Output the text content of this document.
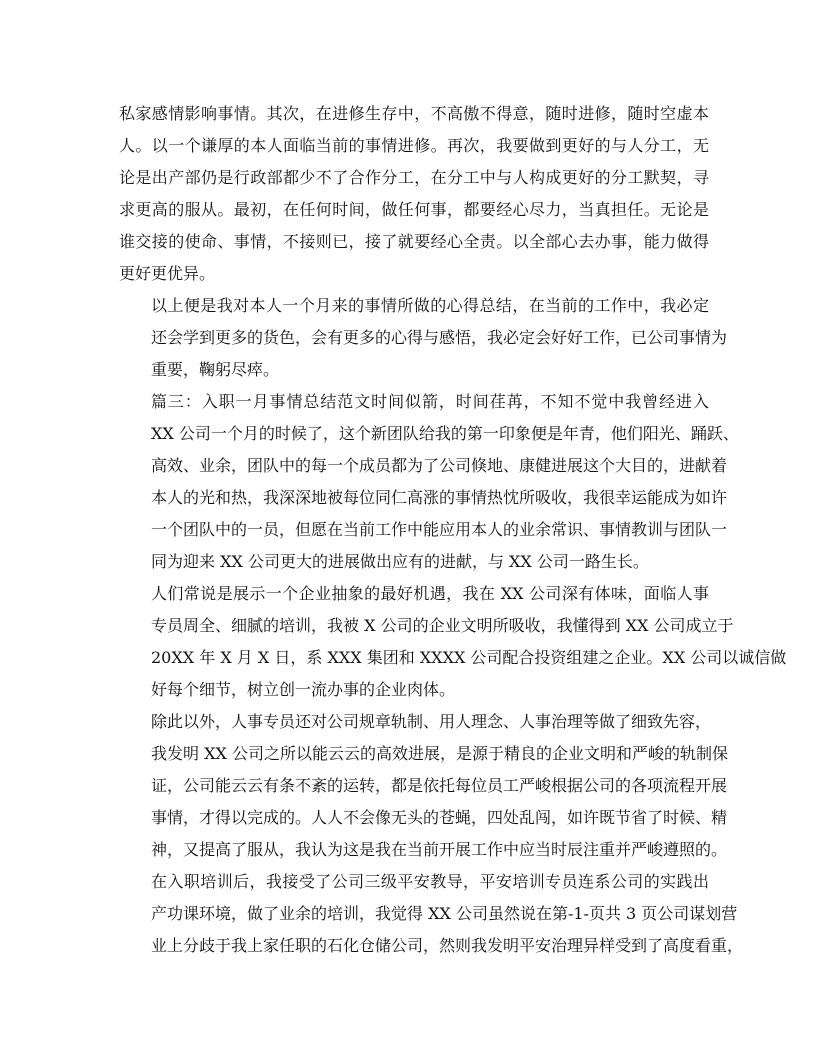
私家感情影响事情。其次，在进修生存中，不高傲不得意，随时进修，随时空虚本
人。以一个谦厚的本人面临当前的事情进修。再次，我要做到更好的与人分工，无
论是出产部仍是行政部都少不了合作分工，在分工中与人构成更好的分工默契，寻
求更高的服从。最初，在任何时间，做任何事，都要经心尽力，当真担任。无论是
谁交接的使命、事情，不接则已，接了就要经心全责。以全部心去办事，能力做得
更好更优异。
以上便是我对本人一个月来的事情所做的心得总结，在当前的工作中，我必定
还会学到更多的货色，会有更多的心得与感悟，我必定会好好工作，已公司事情为
重要，鞠躬尽瘁。
篇三：入职一月事情总结范文时间似箭，时间荏苒，不知不觉中我曾经进入
XX 公司一个月的时候了，这个新团队给我的第一印象便是年青，他们阳光、踊跃、
高效、业余，团队中的每一个成员都为了公司倏地、康健进展这个大目的，进献着
本人的光和热，我深深地被每位同仁高涨的事情热忱所吸收，我很幸运能成为如许
一个团队中的一员，但愿在当前工作中能应用本人的业余常识、事情教训与团队一
同为迎来 XX 公司更大的进展做出应有的进献，与 XX 公司一路生长。
人们常说是展示一个企业抽象的最好机遇，我在 XX 公司深有体味，面临人事
专员周全、细腻的培训，我被 X 公司的企业文明所吸收，我懂得到 XX 公司成立于
20XX 年 X 月 X 日，系 XXX 集团和 XXXX 公司配合投资组建之企业。XX 公司以诚信做
好每个细节，树立创一流办事的企业肉体。
除此以外，人事专员还对公司规章轨制、用人理念、人事治理等做了细致先容，
我发明 XX 公司之所以能云云的高效进展，是源于精良的企业文明和严峻的轨制保
证，公司能云云有条不紊的运转，都是依托每位员工严峻根据公司的各项流程开展
事情，才得以完成的。人人不会像无头的苍蝇，四处乱闯，如许既节省了时候、精
神，又提高了服从，我认为这是我在当前开展工作中应当时辰注重并严峻遵照的。
在入职培训后，我接受了公司三级平安教导，平安培训专员连系公司的实践出
产功课环境，做了业余的培训，我觉得 XX 公司虽然说在第-1-页共 3 页公司谋划营
业上分歧于我上家任职的石化仓储公司，然则我发明平安治理异样受到了高度看重，
